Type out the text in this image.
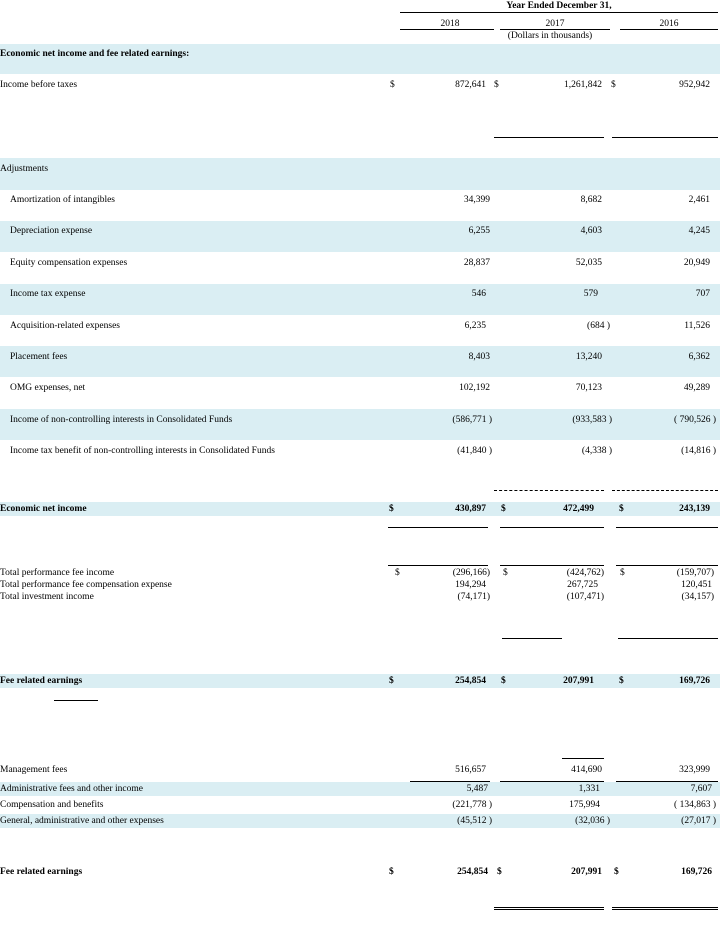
Year Ended December 31,
2018	2017	2016
(Dollars in thousands)
Economic net income and fee related earnings:
Income before taxes	$	872,641 $	1,261,842 $	952,942
Adjustments
Amortization of intangibles	34,399	8,682	2,461
Depreciation expense	6,255	4,603	4,245
Equity compensation expenses	28,837	52,035	20,949
Income tax expense	546	579	707
Acquisition-related expenses	6,235	(684 )	11,526
Placement fees	8,403	13,240	6,362
OMG expenses, net	102,192	70,123	49,289
Income of non-controlling interests in Consolidated Funds	(586,771 )	(933,583 )	( 790,526 )
Income tax benefit of non-controlling interests in Consolidated Funds	(41,840 )	(4,338 )	(14,816 )
Economic net income	$	430,897 $	472,499	$	243,139
Total performance fee income	$	(296,166) $	(424,762) $	(159,707)
Total performance fee compensation expense	194,294	267,725	120,451
Total investment income	(74,171)	(107,471)	(34,157)
Fee related earnings	$	254,854 $	207,991	$	169,726
Management fees	516,657	414,690	323,999
Administrative fees and other income	5,487	1,331	7,607
Compensation and benefits	(221,778 )	175,994	( 134,863 )
General, administrative and other expenses	(45,512 )	(32,036 )	(27,017 )
Fee related earnings	$	254,854 $	207,991 $	169,726
